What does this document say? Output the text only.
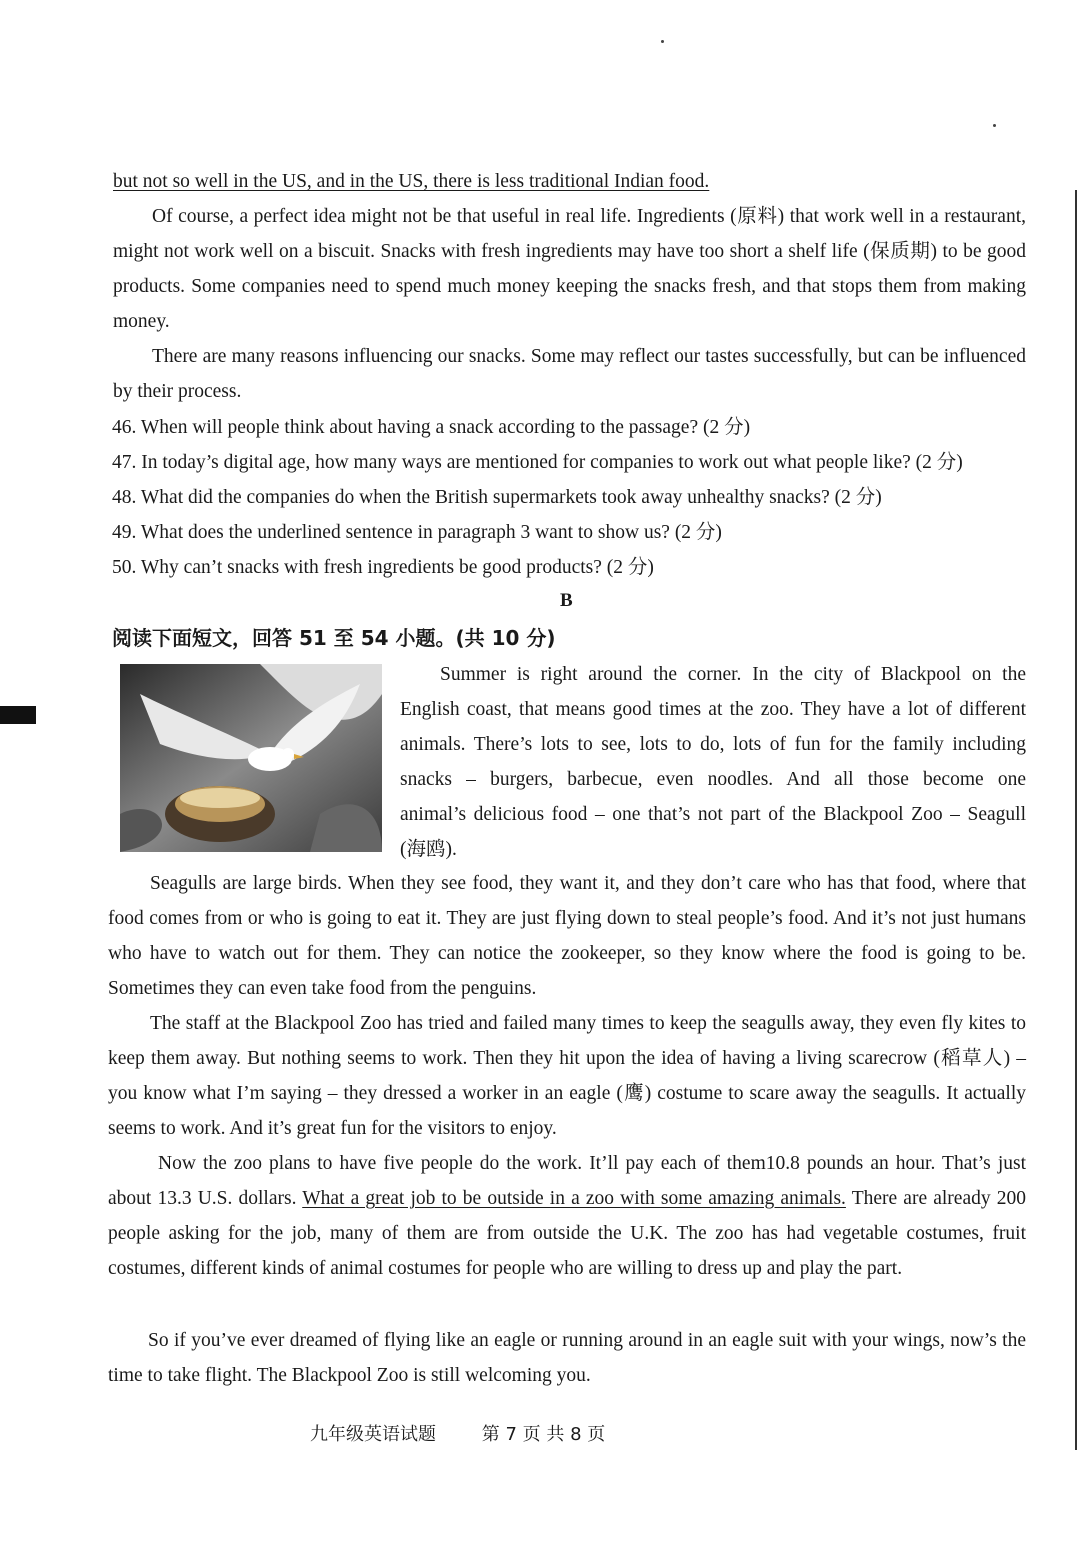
but not so well in the US, and in the US, there is less traditional Indian food.

Of course, a perfect idea might not be that useful in real life. Ingredients (原料) that work well in a restaurant, might not work well on a biscuit. Snacks with fresh ingredients may have too short a shelf life (保质期) to be good products. Some companies need to spend much money keeping the snacks fresh, and that stops them from making money.

There are many reasons influencing our snacks. Some may reflect our tastes successfully, but can be influenced by their process.

46. When will people think about having a snack according to the passage? (2 分)

47. In today’s digital age, how many ways are mentioned for companies to work out what people like? (2 分)

48. What did the companies do when the British supermarkets took away unhealthy snacks? (2 分)

49. What does the underlined sentence in paragraph 3 want to show us? (2 分)

50. Why can’t snacks with fresh ingredients be good products? (2 分)

B
阅读下面短文，回答 51 至 54 小题。(共 10 分)

Summer is right around the corner. In the city of Blackpool on the

English coast, that means good times at the zoo. They have a lot of different

animals. There’s lots to see, lots to do, lots of fun for the family including

snacks – burgers, barbecue, even noodles. And all those become one

animal’s delicious food – one that’s not part of the Blackpool Zoo – Seagull

(海鸥).

Seagulls are large birds. When they see food, they want it, and they don’t care who has that food, where that food comes from or who is going to eat it. They are just flying down to steal people’s food. And it’s not just humans who have to watch out for them. They can notice the zookeeper, so they know where the food is going to be. Sometimes they can even take food from the penguins.

The staff at the Blackpool Zoo has tried and failed many times to keep the seagulls away, they even fly kites to keep them away. But nothing seems to work. Then they hit upon the idea of having a living scarecrow (稻草人) – you know what I’m saying – they dressed a worker in an eagle (鹰) costume to scare away the seagulls. It actually seems to work. And it’s great fun for the visitors to enjoy.

Now the zoo plans to have five people do the work. It’ll pay each of them10.8 pounds an hour. That’s just about 13.3 U.S. dollars. What a great job to be outside in a zoo with some amazing animals. There are already 200 people asking for the job, many of them are from outside the U.K. The zoo has had vegetable costumes, fruit costumes, different kinds of animal costumes for people who are willing to dress up and play the part.

So if you’ve ever dreamed of flying like an eagle or running around in an eagle suit with your wings, now’s the time to take flight. The Blackpool Zoo is still welcoming you.

九年级英语试题	第 7 页 共 8 页
